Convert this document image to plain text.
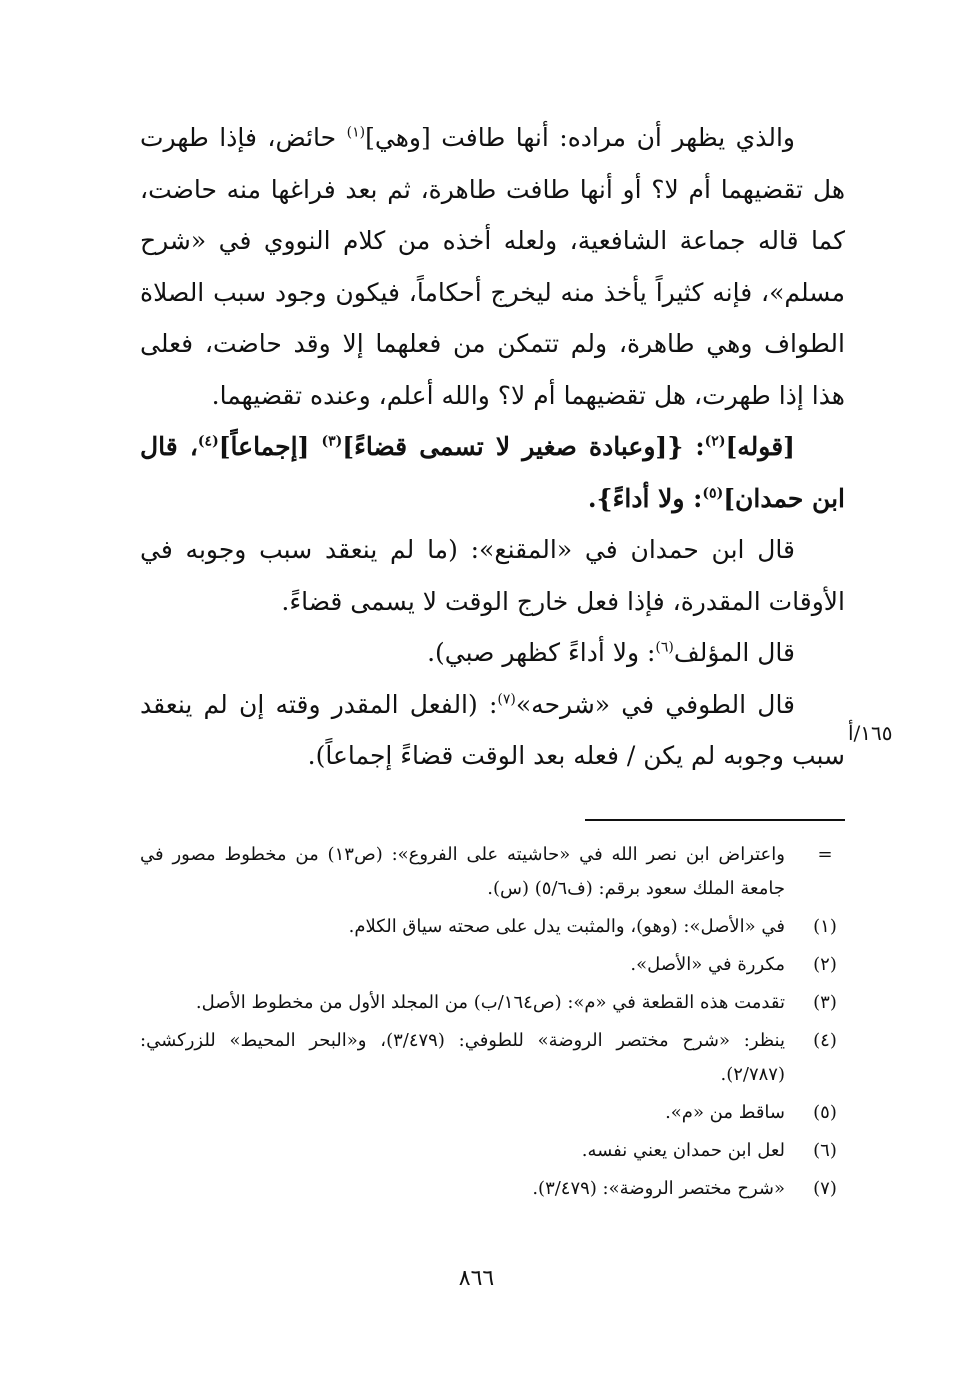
والذي يظهر أن مراده: أنها طافت [وهي]$^{(١)}$ حائض، فإذا طهرت هل تقضيهما أم لا؟ أو أنها طافت طاهرة، ثم بعد فراغها منه حاضت، كما قاله جماعة الشافعية، ولعله أخذه من كلام النووي في «شرح مسلم»، فإنه كثيراً يأخذ منه ليخرج أحكاماً، فيكون وجود سبب الصلاة الطواف وهي طاهرة، ولم تتمكن من فعلهما إلا وقد حاضت، فعلى هذا إذا طهرت، هل تقضيهما أم لا؟ والله أعلم، وعنده تقضيهما.

[قوله]$^{(٢)}$: {[وعبادة صغير لا تسمى قضاءً]$^{(٣)}$ [إجماعاً]$^{(٤)}$، قال ابن حمدان]$^{(٥)}$: ولا أداءً}.

قال ابن حمدان في «المقنع»: (ما لم ينعقد سبب وجوبه في الأوقات المقدرة، فإذا فعل خارج الوقت لا يسمى قضاءً.

قال المؤلف$^{(٦)}$: ولا أداءً كظهر صبي).

قال الطوفي في «شرحه»$^{(٧)}$: (الفعل المقدر وقته إن لم ينعقد سبب وجوبه لم يكن / فعله بعد الوقت قضاءً إجماعاً).

١٦٥/أ
=
واعتراض ابن نصر الله في «حاشيته على الفروع»: (ص١٣) من مخطوط مصور في جامعة الملك سعود برقم: (ف٥/٦) (س).
(١)
في «الأصل»: (وهو)، والمثبت يدل على صحته سياق الكلام.
(٢)
مكررة في «الأصل».
(٣)
تقدمت هذه القطعة في «م»: (ص١٦٤/ب) من المجلد الأول من مخطوط الأصل.
(٤)
ينظر: «شرح مختصر الروضة» للطوفي: (٣/٤٧٩)، و«البحر المحيط» للزركشي: (٢/٧٨٧).
(٥)
ساقط من «م».
(٦)
لعل ابن حمدان يعني نفسه.
(٧)
«شرح مختصر الروضة»: (٣/٤٧٩).
٨٦٦
